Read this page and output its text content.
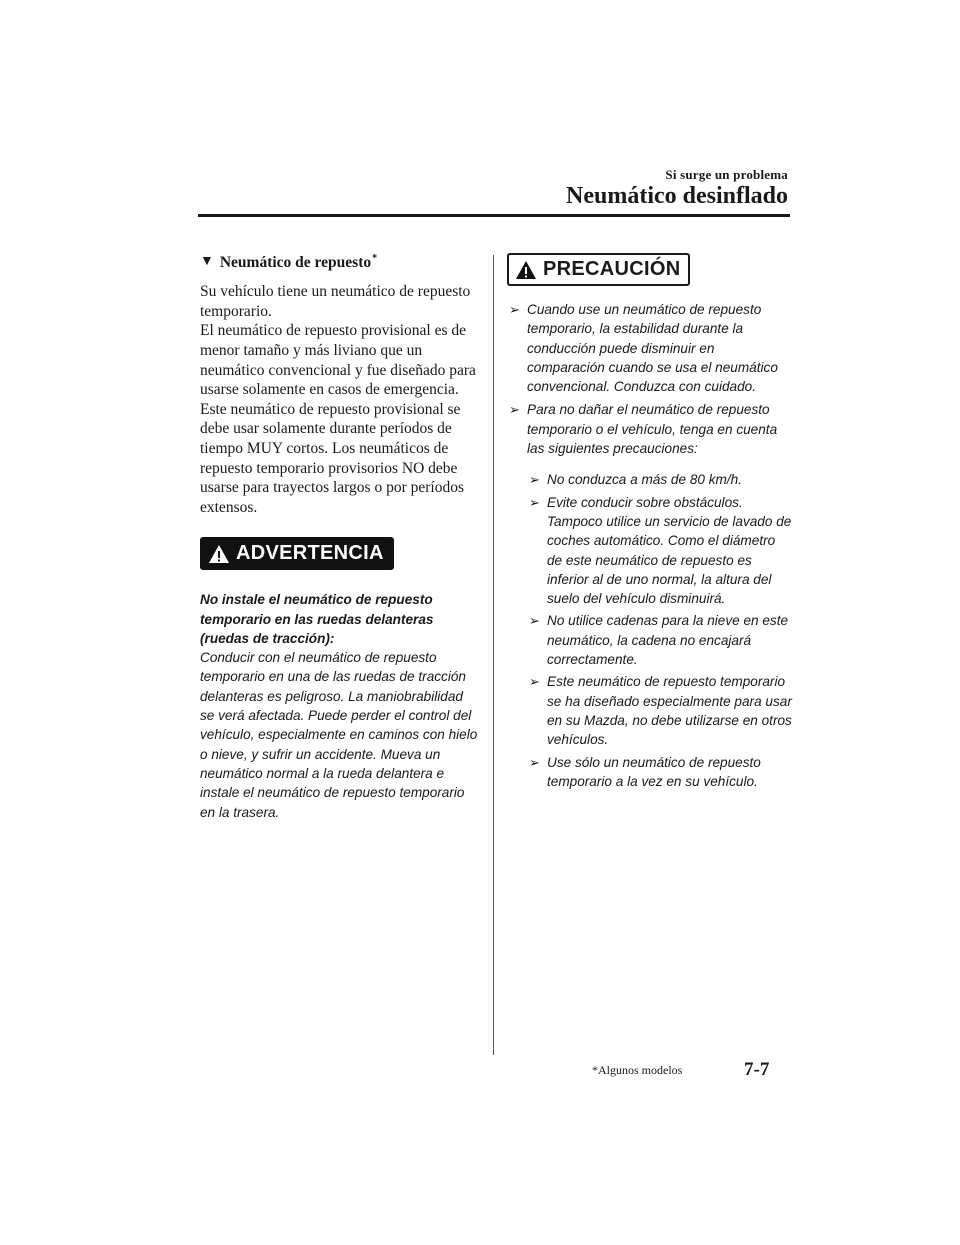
Si surge un problema
Neumático desinflado
▼ Neumático de repuesto*

Su vehículo tiene un neumático de repuesto temporario.

El neumático de repuesto provisional es de menor tamaño y más liviano que un neumático convencional y fue diseñado para usarse solamente en casos de emergencia. Este neumático de repuesto provisional se debe usar solamente durante períodos de tiempo MUY cortos. Los neumáticos de repuesto temporario provisorios NO debe usarse para trayectos largos o por períodos extensos.

ADVERTENCIA
No instale el neumático de repuesto temporario en las ruedas delanteras (ruedas de tracción):
Conducir con el neumático de repuesto temporario en una de las ruedas de tracción delanteras es peligroso. La maniobrabilidad se verá afectada. Puede perder el control del vehículo, especialmente en caminos con hielo o nieve, y sufrir un accidente. Mueva un neumático normal a la rueda delantera e instale el neumático de repuesto temporario en la trasera.
PRECAUCIÓN
➢ Cuando use un neumático de repuesto temporario, la estabilidad durante la conducción puede disminuir en comparación cuando se usa el neumático convencional. Conduzca con cuidado.
➢ Para no dañar el neumático de repuesto temporario o el vehículo, tenga en cuenta las siguientes precauciones:
➢ No conduzca a más de 80 km/h.
➢ Evite conducir sobre obstáculos. Tampoco utilice un servicio de lavado de coches automático. Como el diámetro de este neumático de repuesto es inferior al de uno normal, la altura del suelo del vehículo disminuirá.
➢ No utilice cadenas para la nieve en este neumático, la cadena no encajará correctamente.
➢ Este neumático de repuesto temporario se ha diseñado especialmente para usar en su Mazda, no debe utilizarse en otros vehículos.
➢ Use sólo un neumático de repuesto temporario a la vez en su vehículo.
*Algunos modelos	7-7
